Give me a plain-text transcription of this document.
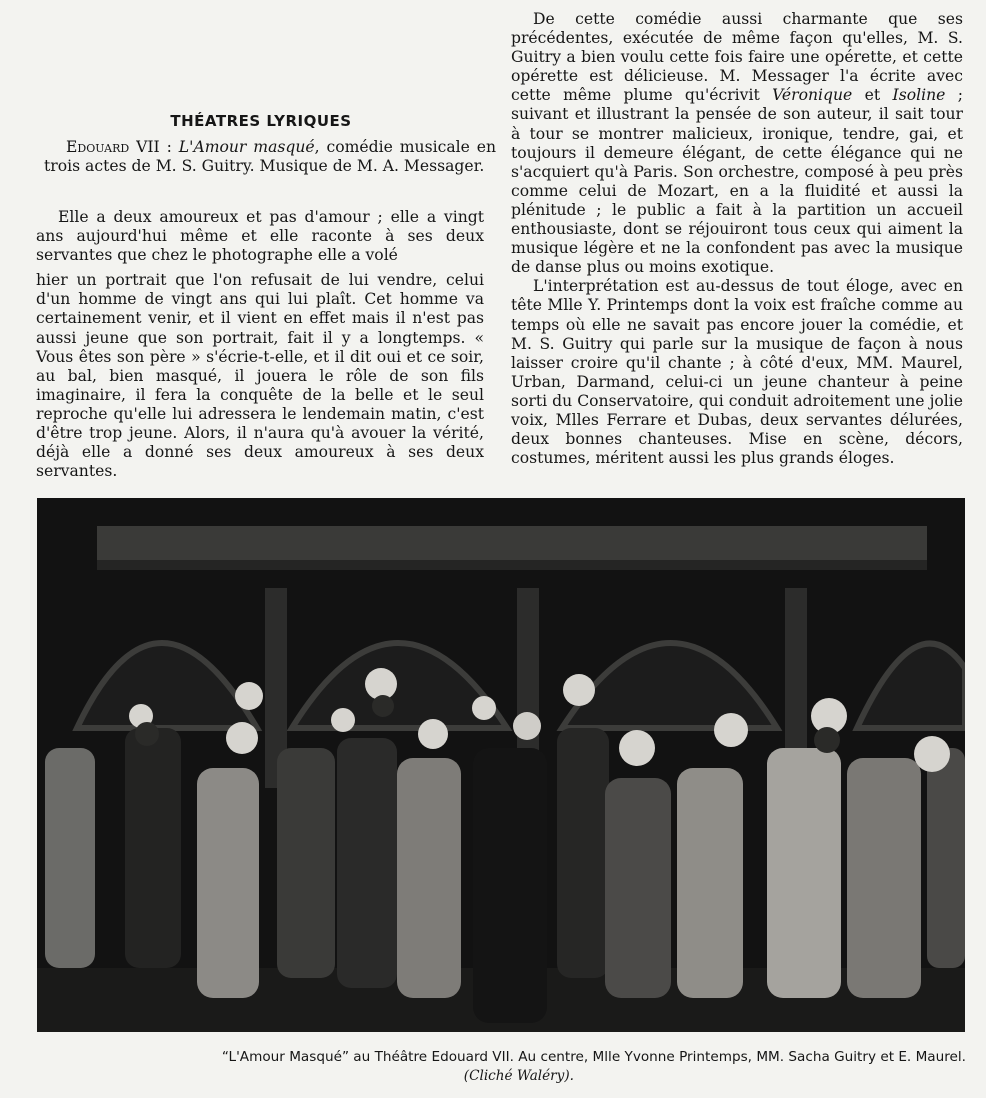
THÉATRES LYRIQUES

Edouard VII : L'Amour masqué, comédie musicale en trois actes de M. S. Guitry. Musique de M. A. Messager.

Elle a deux amoureux et pas d'amour ; elle a vingt ans aujourd'hui même et elle raconte à ses deux servantes que chez le photographe elle a volé

hier un portrait que l'on refusait de lui vendre, celui d'un homme de vingt ans qui lui plaît. Cet homme va certainement venir, et il vient en effet mais il n'est pas aussi jeune que son portrait, fait il y a longtemps. « Vous êtes son père » s'écrie-t-elle, et il dit oui et ce soir, au bal, bien masqué, il jouera le rôle de son fils imaginaire, il fera la conquête de la belle et le seul reproche qu'elle lui adressera le lendemain matin, c'est d'être trop jeune. Alors, il n'aura qu'à avouer la vérité, déjà elle a donné ses deux amoureux à ses deux servantes.

De cette comédie aussi charmante que ses précédentes, exécutée de même façon qu'elles, M. S. Guitry a bien voulu cette fois faire une opérette, et cette opérette est délicieuse. M. Messager l'a écrite avec cette même plume qu'écrivit Véronique et Isoline ; suivant et illustrant la pensée de son auteur, il sait tour à tour se montrer malicieux, ironique, tendre, gai, et toujours il demeure élégant, de cette élégance qui ne s'acquiert qu'à Paris. Son orchestre, composé à peu près comme celui de Mozart, en a la fluidité et aussi la plénitude ; le public a fait à la partition un accueil enthousiaste, dont se réjouiront tous ceux qui aiment la musique légère et ne la confondent pas avec la musique de danse plus ou moins exotique.

L'interprétation est au-dessus de tout éloge, avec en tête Mlle Y. Printemps dont la voix est fraîche comme au temps où elle ne savait pas encore jouer la comédie, et M. S. Guitry qui parle sur la musique de façon à nous laisser croire qu'il chante ; à côté d'eux, MM. Maurel, Urban, Darmand, celui-ci un jeune chanteur à peine sorti du Conservatoire, qui conduit adroitement une jolie voix, Mlles Ferrare et Dubas, deux servantes délurées, deux bonnes chanteuses. Mise en scène, décors, costumes, méritent aussi les plus grands éloges.

“L'Amour Masqué” au Théâtre Edouard VII. Au centre, Mlle Yvonne Printemps, MM. Sacha Guitry et E. Maurel.
(Cliché Waléry).
